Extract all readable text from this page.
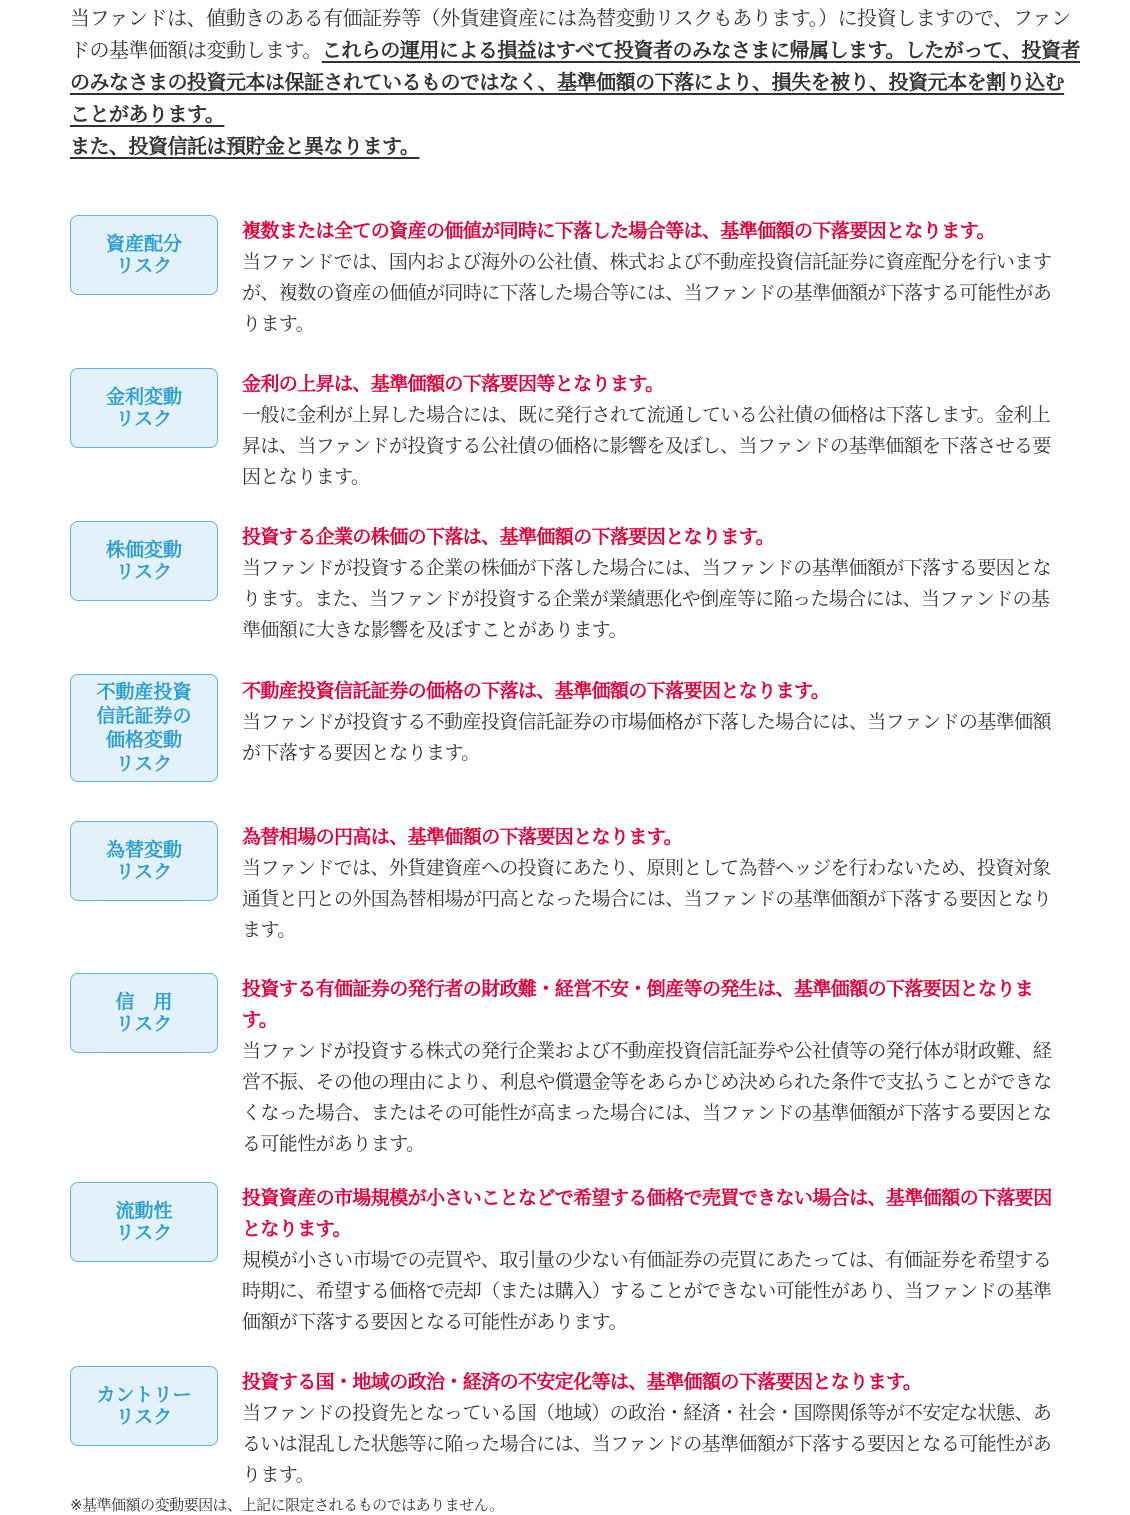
当ファンドは、値動きのある有価証券等（外貨建資産には為替変動リスクもあります。）に投資しますので、ファンドの基準価額は変動します。これらの運用による損益はすべて投資者のみなさまに帰属します。したがって、投資者のみなさまの投資元本は保証されているものではなく、基準価額の下落により、損失を被り、投資元本を割り込むことがあります。
また、投資信託は預貯金と異なります。
資産配分
リスク
複数または全ての資産の価値が同時に下落した場合等は、基準価額の下落要因となります。
当ファンドでは、国内および海外の公社債、株式および不動産投資信託証券に資産配分を行いますが、複数の資産の価値が同時に下落した場合等には、当ファンドの基準価額が下落する可能性があります。
金利変動
リスク
金利の上昇は、基準価額の下落要因等となります。
一般に金利が上昇した場合には、既に発行されて流通している公社債の価格は下落します。金利上昇は、当ファンドが投資する公社債の価格に影響を及ぼし、当ファンドの基準価額を下落させる要因となります。
株価変動
リスク
投資する企業の株価の下落は、基準価額の下落要因となります。
当ファンドが投資する企業の株価が下落した場合には、当ファンドの基準価額が下落する要因となります。また、当ファンドが投資する企業が業績悪化や倒産等に陥った場合には、当ファンドの基準価額に大きな影響を及ぼすことがあります。
不動産投資
信託証券の
価格変動
リスク
不動産投資信託証券の価格の下落は、基準価額の下落要因となります。
当ファンドが投資する不動産投資信託証券の市場価格が下落した場合には、当ファンドの基準価額が下落する要因となります。
為替変動
リスク
為替相場の円高は、基準価額の下落要因となります。
当ファンドでは、外貨建資産への投資にあたり、原則として為替ヘッジを行わないため、投資対象通貨と円との外国為替相場が円高となった場合には、当ファンドの基準価額が下落する要因となります。
信　用
リスク
投資する有価証券の発行者の財政難・経営不安・倒産等の発生は、基準価額の下落要因となります。
当ファンドが投資する株式の発行企業および不動産投資信託証券や公社債等の発行体が財政難、経営不振、その他の理由により、利息や償還金等をあらかじめ決められた条件で支払うことができなくなった場合、またはその可能性が高まった場合には、当ファンドの基準価額が下落する要因となる可能性があります。
流動性
リスク
投資資産の市場規模が小さいことなどで希望する価格で売買できない場合は、基準価額の下落要因となります。
規模が小さい市場での売買や、取引量の少ない有価証券の売買にあたっては、有価証券を希望する時期に、希望する価格で売却（または購入）することができない可能性があり、当ファンドの基準価額が下落する要因となる可能性があります。
カントリー
リスク
投資する国・地域の政治・経済の不安定化等は、基準価額の下落要因となります。
当ファンドの投資先となっている国（地域）の政治・経済・社会・国際関係等が不安定な状態、あるいは混乱した状態等に陥った場合には、当ファンドの基準価額が下落する要因となる可能性があります。
※基準価額の変動要因は、上記に限定されるものではありません。
